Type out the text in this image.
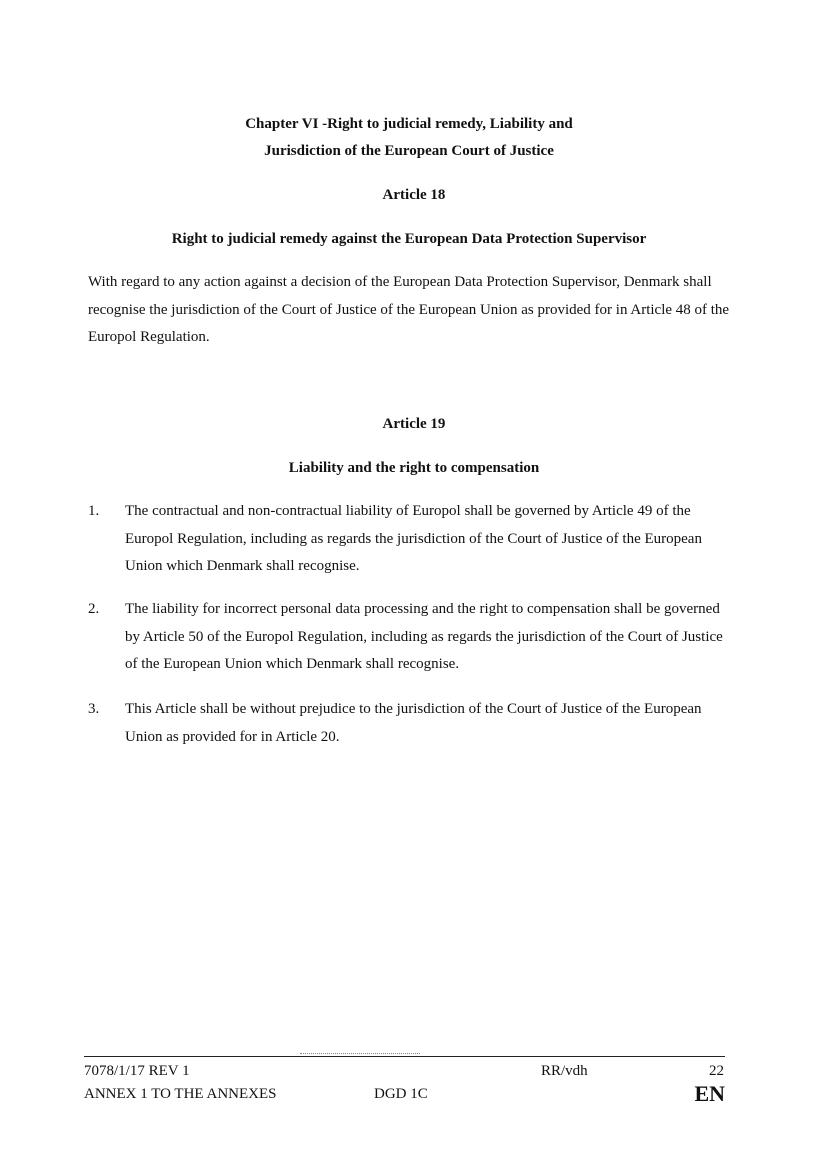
Chapter VI -Right to judicial remedy, Liability and
Jurisdiction of the European Court of Justice
Article 18
Right to judicial remedy against the European Data Protection Supervisor
With regard to any action against a decision of the European Data Protection Supervisor, Denmark shall recognise the jurisdiction of the Court of Justice of the European Union as provided for in Article 48 of the Europol Regulation.
Article 19
Liability and the right to compensation
1.	The contractual and non-contractual liability of Europol shall be governed by Article 49 of the Europol Regulation, including as regards the jurisdiction of the Court of Justice of the European Union which Denmark shall recognise.
2.	The liability for incorrect personal data processing and the right to compensation shall be governed by Article 50 of the Europol Regulation, including as regards the jurisdiction of the Court of Justice of the European Union which Denmark shall recognise.
3.	This Article shall be without prejudice to the jurisdiction of the Court of Justice of the European Union as provided for in Article 20.
7078/1/17 REV 1
ANNEX 1 TO THE ANNEXES	DGD 1C
RR/vdh	22
EN
